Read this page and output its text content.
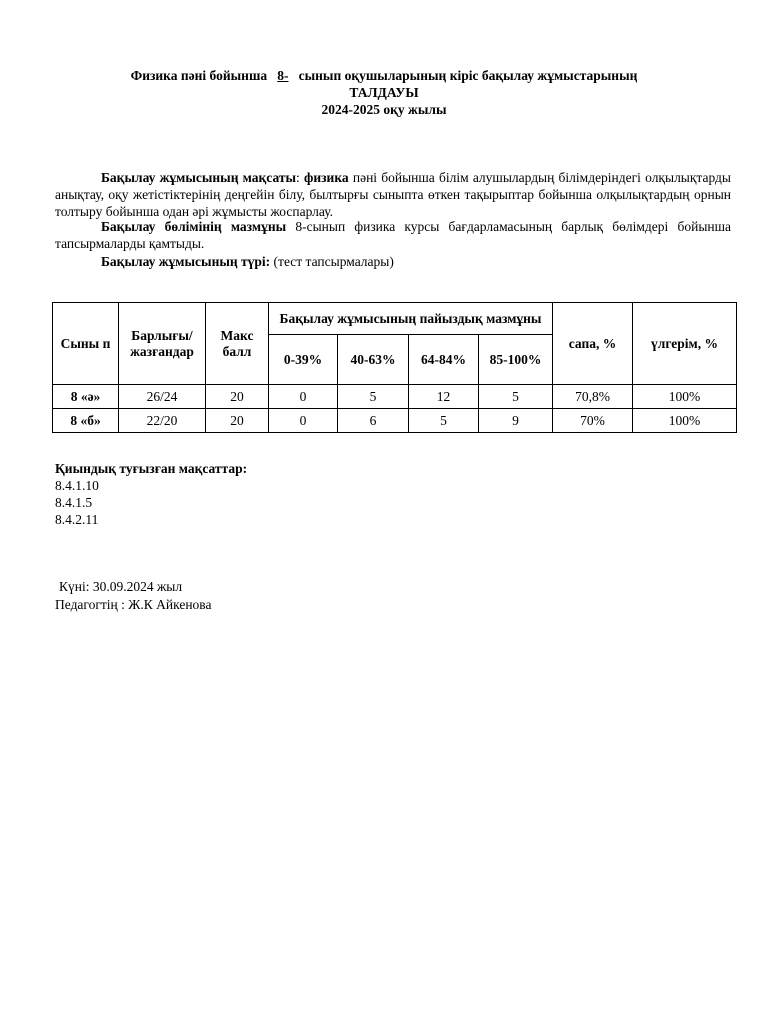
Физика пәні бойынша 8- сынып оқушыларының кіріс бақылау жұмыстарының
ТАЛДАУЫ
2024-2025 оқу жылы
Бақылау жұмысының мақсаты: физика пәні бойынша білім алушылардың білімдеріндегі олқылықтарды анықтау, оқу жетістіктерінің деңгейін білу, былтырғы сыныпта өткен тақырыптар бойынша олқылықтардың орнын толтыру бойынша одан әрі жұмысты жоспарлау.
Бақылау бөлімінің мазмұны 8-сынып физика курсы бағдарламасының барлық бөлімдері бойынша тапсырмаларды қамтыды.
Бақылау жұмысының түрі: (тест тапсырмалары)
Сыны п	Барлығы/ жазғандар	Макс балл	Бақылау жұмысының пайыздық мазмұны				сапа, %	үлгерім, %
			0-39%	40-63%	64-84%	85-100%		
8 «ә»	26/24	20	0	5	12	5	70,8%	100%
8 «б»	22/20	20	0	6	5	9	70%	100%
Қиындық туғызған мақсаттар:
8.4.1.10
8.4.1.5
8.4.2.11
Күні: 30.09.2024 жыл
Педагогтің : Ж.К Айкенова
